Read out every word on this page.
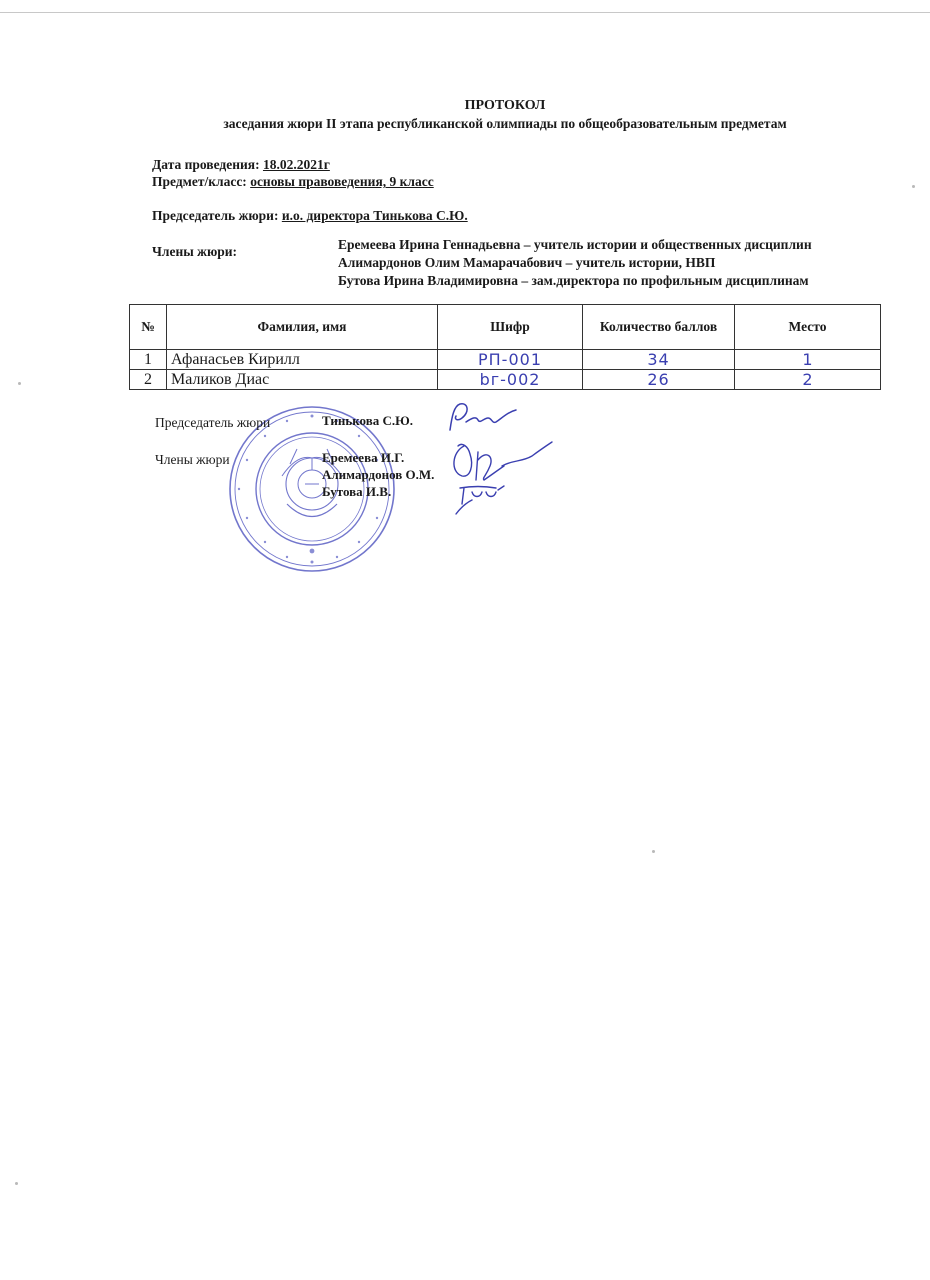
ПРОТОКОЛ
заседания жюри II этапа республиканской олимпиады по общеобразовательным предметам
Дата проведения: 18.02.2021г
Предмет/класс: основы правоведения, 9 класс
Председатель жюри: и.о. директора Тинькова С.Ю.
Члены жюри:	Еремеева Ирина Геннадьевна – учитель истории и общественных дисциплин
Алимардонов Олим Мамарачабович – учитель истории, НВП
Бутова Ирина Владимировна – зам.директора по профильным дисциплинам
№	Фамилия, имя	Шифр	Количество баллов	Место
1	Афанасьев Кирилл	PП-001	34	1
2	Маликов Диас	bг-002	26	2
Председатель жюри	Тинькова С.Ю.
Члены жюри	Еремеева И.Г.
Алимардонов О.М.
Бутова И.В.
